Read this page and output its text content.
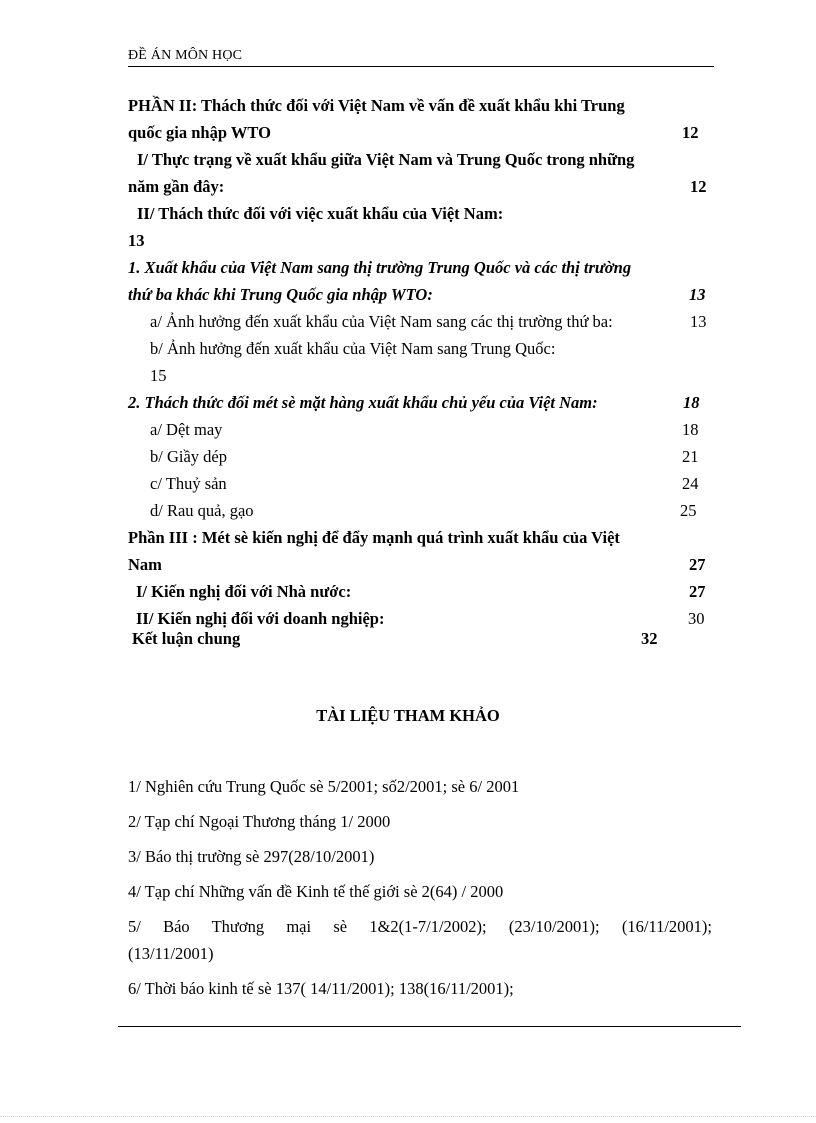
ĐỀ ÁN MÔN HỌC
PHẦN II: Thách thức đối với Việt Nam về vấn đề xuất khẩu khi Trung
quốc gia nhập WTO	12
I/ Thực trạng về xuất khẩu giữa Việt Nam và Trung Quốc trong những
năm gần đây:	12
II/ Thách thức đối với việc xuất khẩu của Việt Nam:
13
1. Xuất khẩu của Việt Nam sang thị trường Trung Quốc và các thị trường
thứ ba khác khi Trung Quốc gia nhập WTO:	13
a/ Ảnh hưởng đến xuất khẩu của Việt Nam sang các thị trường thứ ba:	13
b/ Ảnh hưởng đến xuất khẩu của Việt Nam sang Trung Quốc:
15
2. Thách thức đối mét sè mặt hàng xuất khẩu chủ yếu của Việt Nam:	18
a/ Dệt may	18
b/ Giầy dép	21
c/ Thuỷ sản	24
d/ Rau quả, gạo	25
Phần III : Mét sè kiến nghị để đẩy mạnh quá trình xuất khẩu của Việt
Nam	27
I/ Kiến nghị đối với Nhà nước:	27
II/ Kiến nghị đối với doanh nghiệp:	30
Kết luận chung	32
TÀI LIỆU THAM KHẢO
1/ Nghiên cứu Trung Quốc sè 5/2001; số2/2001; sè 6/ 2001
2/ Tạp chí Ngoại Thương tháng 1/ 2000
3/ Báo thị trường sè 297(28/10/2001)
4/ Tạp chí Những vấn đề Kinh tế thế giới sè 2(64) / 2000
5/ Báo Thương mại sè 1&2(1-7/1/2002); (23/10/2001); (16/11/2001);
(13/11/2001)
6/ Thời báo kinh tế sè 137( 14/11/2001); 138(16/11/2001);
